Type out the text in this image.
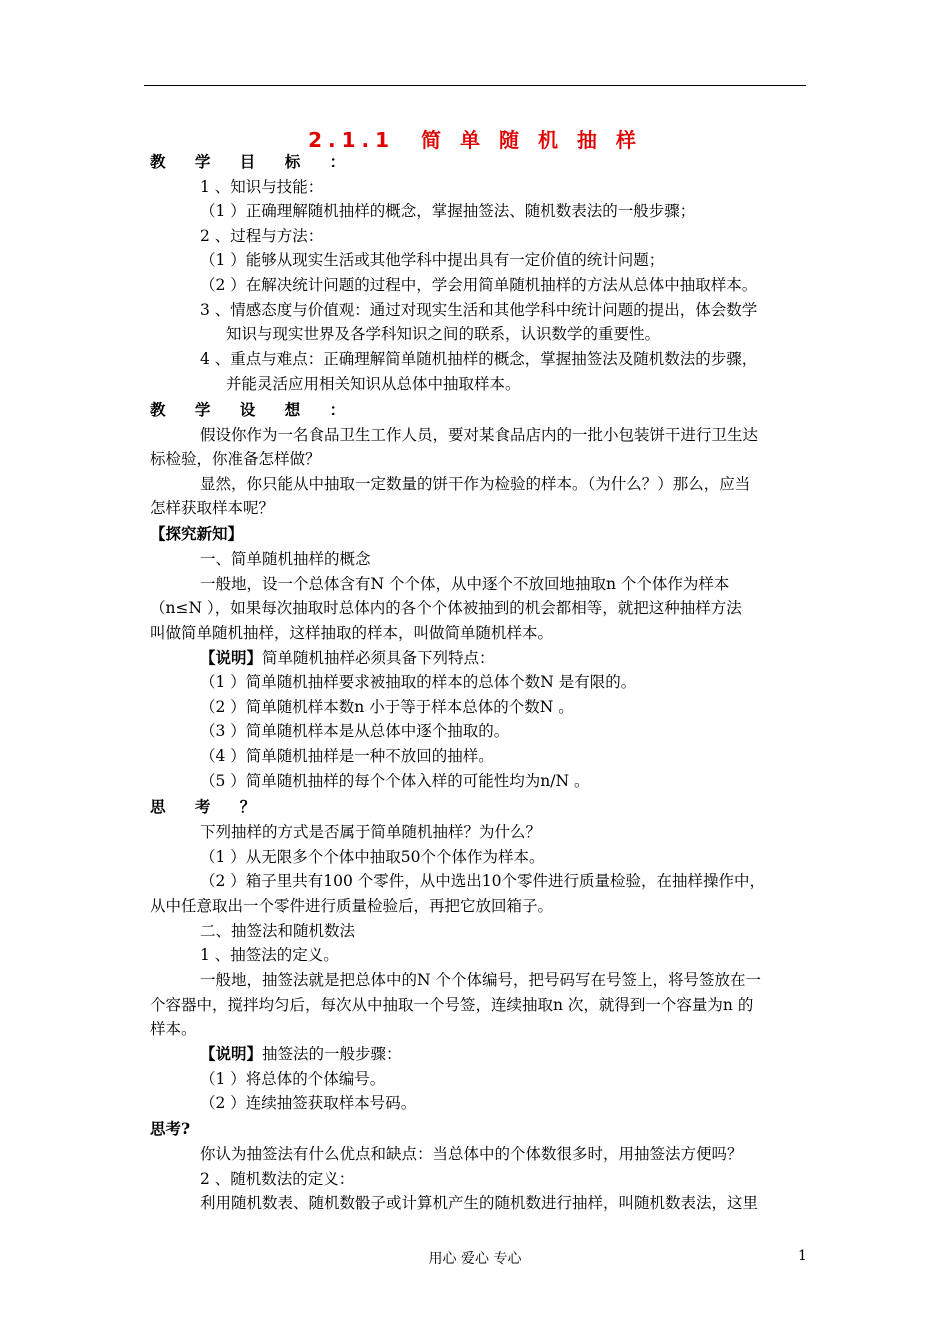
2.1.1　简 单 随 机 抽 样
教 学 目 标 ：
1 、知识与技能：
（1 ）正确理解随机抽样的概念，掌握抽签法、随机数表法的一般步骤；
2 、过程与方法：
（1 ）能够从现实生活或其他学科中提出具有一定价值的统计问题；
（2 ）在解决统计问题的过程中，学会用简单随机抽样的方法从总体中抽取样本。
3 、情感态度与价值观：通过对现实生活和其他学科中统计问题的提出，体会数学
知识与现实世界及各学科知识之间的联系，认识数学的重要性。
4 、重点与难点：正确理解简单随机抽样的概念，掌握抽签法及随机数法的步骤，
并能灵活应用相关知识从总体中抽取样本。
教 学 设 想 ：
假设你作为一名食品卫生工作人员，要对某食品店内的一批小包装饼干进行卫生达
标检验，你准备怎样做？
显然，你只能从中抽取一定数量的饼干作为检验的样本。（为什么？）那么，应当
怎样获取样本呢？
【探究新知】
一、简单随机抽样的概念
一般地，设一个总体含有N 个个体，从中逐个不放回地抽取n 个个体作为样本
（n≤N ），如果每次抽取时总体内的各个个体被抽到的机会都相等，就把这种抽样方法
叫做简单随机抽样，这样抽取的样本，叫做简单随机样本。
【说明】简单随机抽样必须具备下列特点：
（1 ）简单随机抽样要求被抽取的样本的总体个数N 是有限的。
（2 ）简单随机样本数n 小于等于样本总体的个数N 。
（3 ）简单随机样本是从总体中逐个抽取的。
（4 ）简单随机抽样是一种不放回的抽样。
（5 ）简单随机抽样的每个个体入样的可能性均为n/N 。
思 考 ？
下列抽样的方式是否属于简单随机抽样？为什么？
（1 ）从无限多个个体中抽取50个个体作为样本。
（2 ）箱子里共有100 个零件，从中选出10个零件进行质量检验，在抽样操作中，
从中任意取出一个零件进行质量检验后，再把它放回箱子。
二、抽签法和随机数法
1 、抽签法的定义。
一般地，抽签法就是把总体中的N 个个体编号，把号码写在号签上，将号签放在一
个容器中，搅拌均匀后，每次从中抽取一个号签，连续抽取n 次，就得到一个容量为n 的
样本。
【说明】抽签法的一般步骤：
（1 ）将总体的个体编号。
（2 ）连续抽签获取样本号码。
思考?
你认为抽签法有什么优点和缺点：当总体中的个体数很多时，用抽签法方便吗？
2 、随机数法的定义：
利用随机数表、随机数骰子或计算机产生的随机数进行抽样，叫随机数表法，这里
用心 爱心 专心	1
